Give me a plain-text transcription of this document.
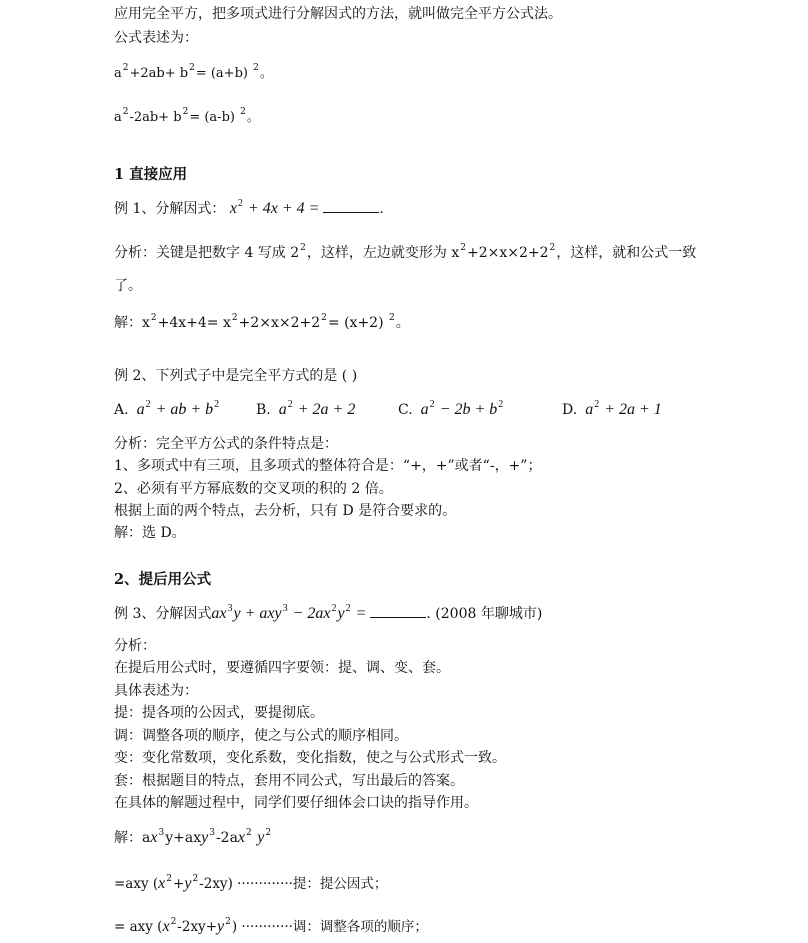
应用完全平方，把多项式进行分解因式的方法，就叫做完全平方公式法。
公式表述为：
$a^2+2ab+ b^2= (a+b)$ $^2$。
$a^2-2ab+ b^2= (a-b)$ $^2$。
1 直接应用
例 1、分解因式： $x^2 + 4x + 4$ =	.
分析：关键是把数字 4 写成 $2^2$，这样，左边就变形为 $x^2+2\times x\times 2+2^2$，这样，就和公式一致
了。
解：$x^2+4x+4= x^2+2\times x\times 2+2^2= (x+2)$ $^2$。
例 2、下列式子中是完全平方式的是 ( )
A. $a^2$ + ab + $b^2$	B. $a^2 + 2a + 2$	C. $a^2 - 2b + b^2$	D. $a^2 + 2a + 1$
分析：完全平方公式的条件特点是：
1、多项式中有三项，且多项式的整体符合是：“+，+”或者“-，+”；
2、必须有平方幂底数的交叉项的积的 2 倍。
根据上面的两个特点，去分析，只有 D 是符合要求的。
解：选 D。
2、提后用公式
例 3、分解因式$ax^3y + axy^3 - 2ax^2y^2$ =	. (2008 年聊城市)
分析：
在提后用公式时，要遵循四字要领：提、调、变、套。
具体表述为：
提：提各项的公因式，要提彻底。
调：调整各项的顺序，使之与公式的顺序相同。
变：变化常数项，变化系数，变化指数，使之与公式形式一致。
套：根据题目的特点，套用不同公式，写出最后的答案。
在具体的解题过程中，同学们要仔细体会口诀的指导作用。
解：$ax^3y+axy^3-2ax^2$ $y^2$
=axy $(x^2+y^2-2xy)$ ·············提：提公因式；
= axy $(x^2-2xy+y^2)$ ············调：调整各项的顺序；
